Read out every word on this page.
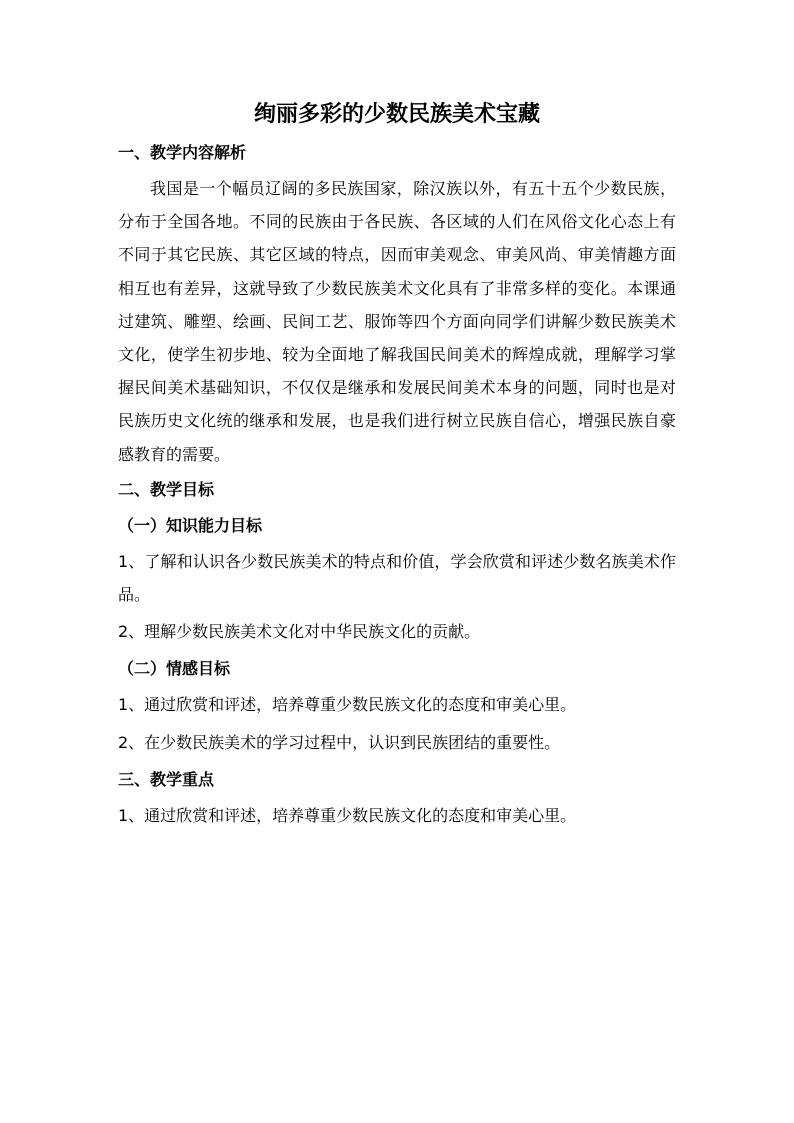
绚丽多彩的少数民族美术宝藏
一、教学内容解析

我国是一个幅员辽阔的多民族国家，除汉族以外，有五十五个少数民族，分布于全国各地。不同的民族由于各民族、各区域的人们在风俗文化心态上有不同于其它民族、其它区域的特点，因而审美观念、审美风尚、审美情趣方面相互也有差异，这就导致了少数民族美术文化具有了非常多样的变化。本课通过建筑、雕塑、绘画、民间工艺、服饰等四个方面向同学们讲解少数民族美术文化，使学生初步地、较为全面地了解我国民间美术的辉煌成就，理解学习掌握民间美术基础知识，不仅仅是继承和发展民间美术本身的问题，同时也是对民族历史文化统的继承和发展，也是我们进行树立民族自信心，增强民族自豪感教育的需要。

二、教学目标
（一）知识能力目标

1、了解和认识各少数民族美术的特点和价值，学会欣赏和评述少数名族美术作品。

2、理解少数民族美术文化对中华民族文化的贡献。

（二）情感目标

1、通过欣赏和评述，培养尊重少数民族文化的态度和审美心里。

2、在少数民族美术的学习过程中，认识到民族团结的重要性。

三、教学重点

1、通过欣赏和评述，培养尊重少数民族文化的态度和审美心里。
